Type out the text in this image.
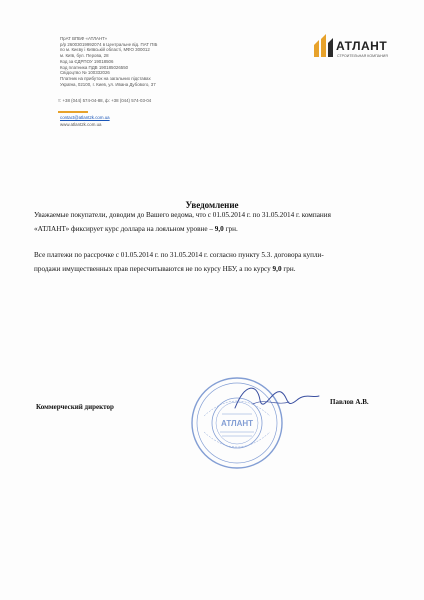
ПрАТ ВПБФ «АТЛАНТ»
р/р 26003019992074 в Центральне від. ПАТ ПІБ
по м. Києву і Київській області, МФО 300012
м. Київ, бул. Перова, 28
Код за ЄДРПОУ 19018506
Код платника ПДВ 190185026550
Свідоцтво № 100332026
Платник на прибуток на загальних підставах
Україна, 02100, г. Киев, ул. Ивана Дубового, 37
т: +38 (044) 574-04-88, ф: +38 (044) 574-03-04
contact@atlant2k.com.ua
www.atlant2k.com.ua
АТЛАНТ
СТРОИТЕЛЬНАЯ КОМПАНИЯ
Уведомление
Уважаемые покупатели, доводим до Вашего ведома, что с 01.05.2014 г. по 31.05.2014 г. компания
«АТЛАНТ» фиксирует курс доллара на лояльном уровне – 9,0 грн.
Все платежи по рассрочке с 01.05.2014 г. по 31.05.2014 г. согласно пункту 5.3. договора купли-
продажи имущественных прав пересчитываются не по курсу НБУ, а по курсу 9,0 грн.
Коммерческий директор
Павлов А.В.
АТЛАНТ
